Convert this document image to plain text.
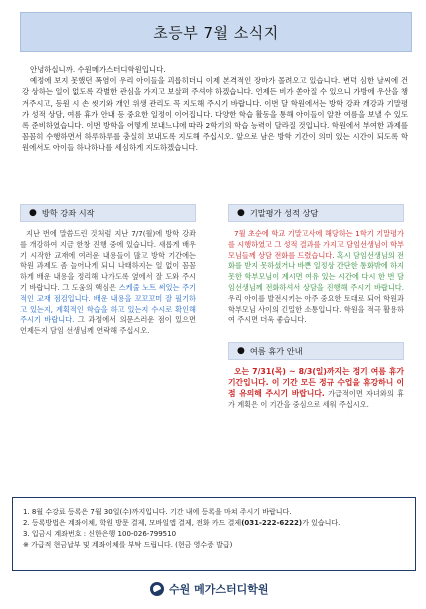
초등부 7월 소식지

안녕하십니까. 수원메가스터디학원입니다.

예정에 보지 못했던 폭염이 우리 아이들을 괴롭히더니 이제 본격적인 장마가 몰려오고 있습니다. 변덕 심한 날씨에 건강 상하는 일이 없도록 각별한 관심을 가지고 보살펴 주셔야 하겠습니다. 언제든 비가 쏟아질 수 있으니 가방에 우산을 챙겨주시고, 등원 시 손 씻기와 개인 위생 관리도 꼭 지도해 주시기 바랍니다. 이번 달 학원에서는 방학 강좌 개강과 기말평가 성적 상담, 여름 휴가 안내 등 중요한 일정이 이어집니다. 다양한 학습 활동을 통해 아이들이 알찬 여름을 보낼 수 있도록 준비하였습니다. 이번 방학을 어떻게 보내느냐에 따라 2학기의 학습 능력이 달라질 것입니다. 학원에서 부여한 과제를 꼼꼼히 수행하면서 하루하루를 충실히 보내도록 지도해 주십시오. 앞으로 남은 방학 기간이 의미 있는 시간이 되도록 학원에서도 아이들 하나하나를 세심하게 지도하겠습니다.

● 방학 강좌 시작

지난 번에 말씀드린 것처럼 지난 7/7(월)에 방학 강좌를 개강하여 지금 한창 진행 중에 있습니다. 새롭게 배우기 시작한 교재에 여러운 내용들이 많고 방학 기간에는 학원 과제도 좀 늘어나게 되니 나태하지는 일 없이 꼼꼼하게 배운 내용을 정리해 나가도록 옆에서 잘 도와 주시기 바랍니다. 그 도움의 핵심은 스케줄 노트 써있는 주기적인 교재 점검입니다. 배운 내용을 꼬꼬꼬미 잘 필기하고 있는지, 계획적인 학습을 하고 있는지 수시로 확인해 주시기 바랍니다. 그 과정에서 의문스러운 점이 있으면 언제든지 담임 선생님께 연락해 주십시오.

● 기말평가 성적 상담

7월 초순에 학교 기말고사에 해당하는 1학기 기말평가를 시행하였고 그 성적 결과를 가지고 담임선생님이 학부모님들께 상담 전화를 드렸습니다. 혹시 담임선생님의 전화를 받지 못하셨거나 바쁜 일정상 간단한 통화밖에 하지 못한 학부모님이 계시면 여유 있는 시간에 다시 한 번 담임선생님께 전화하셔서 상담을 진행해 주시기 바랍니다. 우리 아이를 발전시키는 아주 중요한 토대로 되어 학원과 학부모님 사이의 긴밀한 소통입니다. 학원을 적극 활용하여 주시면 더욱 좋습니다.

● 여름 휴가 안내

오는 7/31(목) ~ 8/3(일)까지는 정기 여름 휴가 기간입니다. 이 기간 모든 정규 수업을 휴강하니 이 점 유의해 주시기 바랍니다. 가급적이면 자녀와의 휴가 계획은 이 기간을 중심으로 세워 주십시오.

1. 8월 수강료 등록은 7월 30일(수)까지입니다. 기간 내에 등록을 마쳐 주시기 바랍니다.
2. 등록방법은 계좌이체, 학원 방문 결제, 모바일앱 결제, 전화 카드 결제(031-222-6222)가 있습니다.
3. 입금시 계좌번호 : 신한은행 100-026-799510
※ 가급적 현금납부 및 계좌이체를 부탁 드립니다. (현금 영수증 발급)
수원 메가스터디학원
